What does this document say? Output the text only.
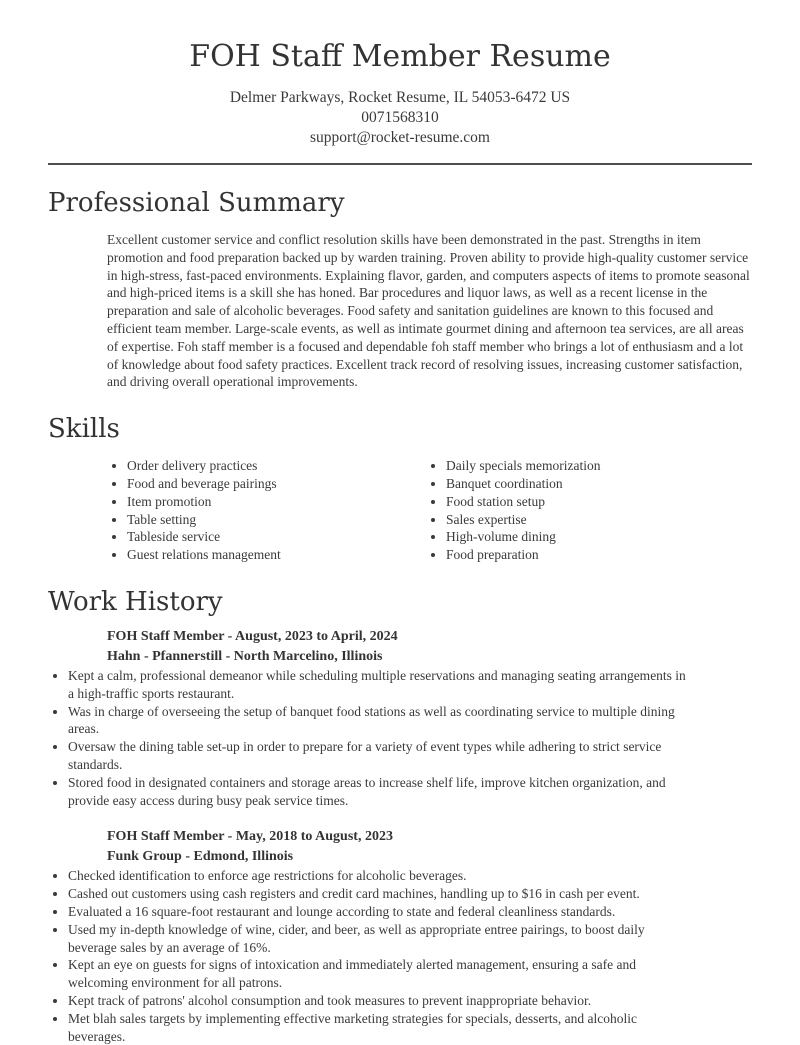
FOH Staff Member Resume

Delmer Parkways, Rocket Resume, IL 54053-6472 US

0071568310

support@rocket-resume.com

Professional Summary

Excellent customer service and conflict resolution skills have been demonstrated in the past. Strengths in item promotion and food preparation backed up by warden training. Proven ability to provide high-quality customer service in high-stress, fast-paced environments. Explaining flavor, garden, and computers aspects of items to promote seasonal and high-priced items is a skill she has honed. Bar procedures and liquor laws, as well as a recent license in the preparation and sale of alcoholic beverages. Food safety and sanitation guidelines are known to this focused and efficient team member. Large-scale events, as well as intimate gourmet dining and afternoon tea services, are all areas of expertise. Foh staff member is a focused and dependable foh staff member who brings a lot of enthusiasm and a lot of knowledge about food safety practices. Excellent track record of resolving issues, increasing customer satisfaction, and driving overall operational improvements.

Skills
• Order delivery practices
• Food and beverage pairings
• Item promotion
• Table setting
• Tableside service
• Guest relations management
• Daily specials memorization
• Banquet coordination
• Food station setup
• Sales expertise
• High-volume dining
• Food preparation
Work History

FOH Staff Member - August, 2023 to April, 2024

Hahn - Pfannerstill - North Marcelino, Illinois

• Kept a calm, professional demeanor while scheduling multiple reservations and managing seating arrangements in a high-traffic sports restaurant.
• Was in charge of overseeing the setup of banquet food stations as well as coordinating service to multiple dining areas.
• Oversaw the dining table set-up in order to prepare for a variety of event types while adhering to strict service standards.
• Stored food in designated containers and storage areas to increase shelf life, improve kitchen organization, and provide easy access during busy peak service times.

FOH Staff Member - May, 2018 to August, 2023

Funk Group - Edmond, Illinois

• Checked identification to enforce age restrictions for alcoholic beverages.
• Cashed out customers using cash registers and credit card machines, handling up to $16 in cash per event.
• Evaluated a 16 square-foot restaurant and lounge according to state and federal cleanliness standards.
• Used my in-depth knowledge of wine, cider, and beer, as well as appropriate entree pairings, to boost daily beverage sales by an average of 16%.
• Kept an eye on guests for signs of intoxication and immediately alerted management, ensuring a safe and welcoming environment for all patrons.
• Kept track of patrons' alcohol consumption and took measures to prevent inappropriate behavior.
• Met blah sales targets by implementing effective marketing strategies for specials, desserts, and alcoholic beverages.
